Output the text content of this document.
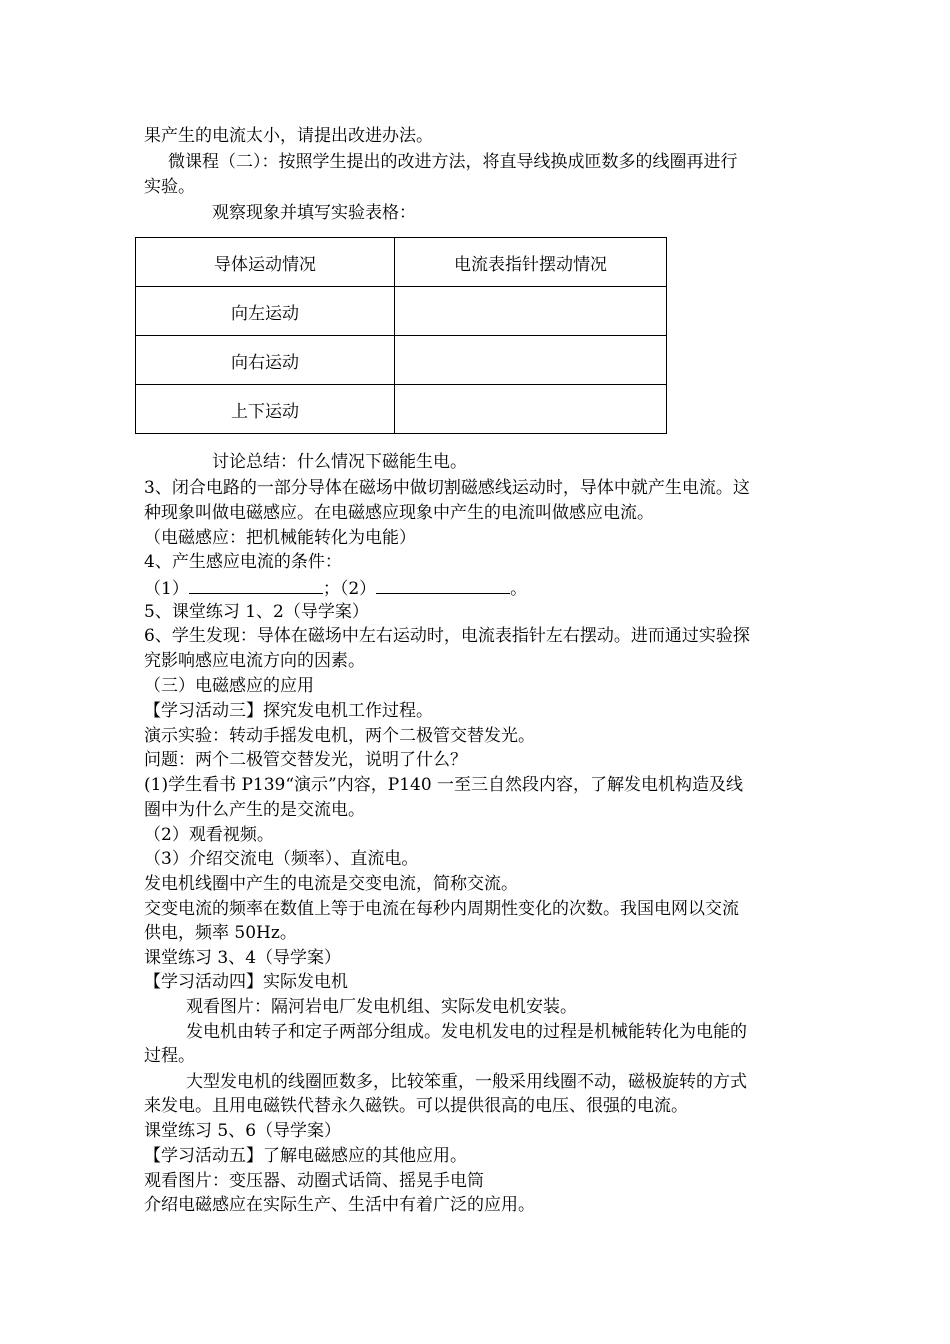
果产生的电流太小，请提出改进办法。
微课程（二）：按照学生提出的改进方法，将直导线换成匝数多的线圈再进行
实验。
观察现象并填写实验表格：
导体运动情况	电流表指针摆动情况
向左运动	
向右运动	
上下运动	
讨论总结：什么情况下磁能生电。
3、闭合电路的一部分导体在磁场中做切割磁感线运动时，导体中就产生电流。这
种现象叫做电磁感应。在电磁感应现象中产生的电流叫做感应电流。
（电磁感应：把机械能转化为电能）
4、产生感应电流的条件：
（1）	；（2）	。
5、课堂练习 1、2（导学案）
6、学生发现：导体在磁场中左右运动时，电流表指针左右摆动。进而通过实验探
究影响感应电流方向的因素。
（三）电磁感应的应用
【学习活动三】探究发电机工作过程。
演示实验：转动手摇发电机，两个二极管交替发光。
问题：两个二极管交替发光，说明了什么？
(1)学生看书 P139“演示”内容，P140 一至三自然段内容，了解发电机构造及线
圈中为什么产生的是交流电。
（2）观看视频。
（3）介绍交流电（频率）、直流电。
发电机线圈中产生的电流是交变电流，简称交流。
交变电流的频率在数值上等于电流在每秒内周期性变化的次数。我国电网以交流
供电，频率 50Hz。
课堂练习 3、4（导学案）
【学习活动四】实际发电机
观看图片：隔河岩电厂发电机组、实际发电机安装。
发电机由转子和定子两部分组成。发电机发电的过程是机械能转化为电能的
过程。
大型发电机的线圈匝数多，比较笨重，一般采用线圈不动，磁极旋转的方式
来发电。且用电磁铁代替永久磁铁。可以提供很高的电压、很强的电流。
课堂练习 5、6（导学案）
【学习活动五】了解电磁感应的其他应用。
观看图片：变压器、动圈式话筒、摇晃手电筒
介绍电磁感应在实际生产、生活中有着广泛的应用。
